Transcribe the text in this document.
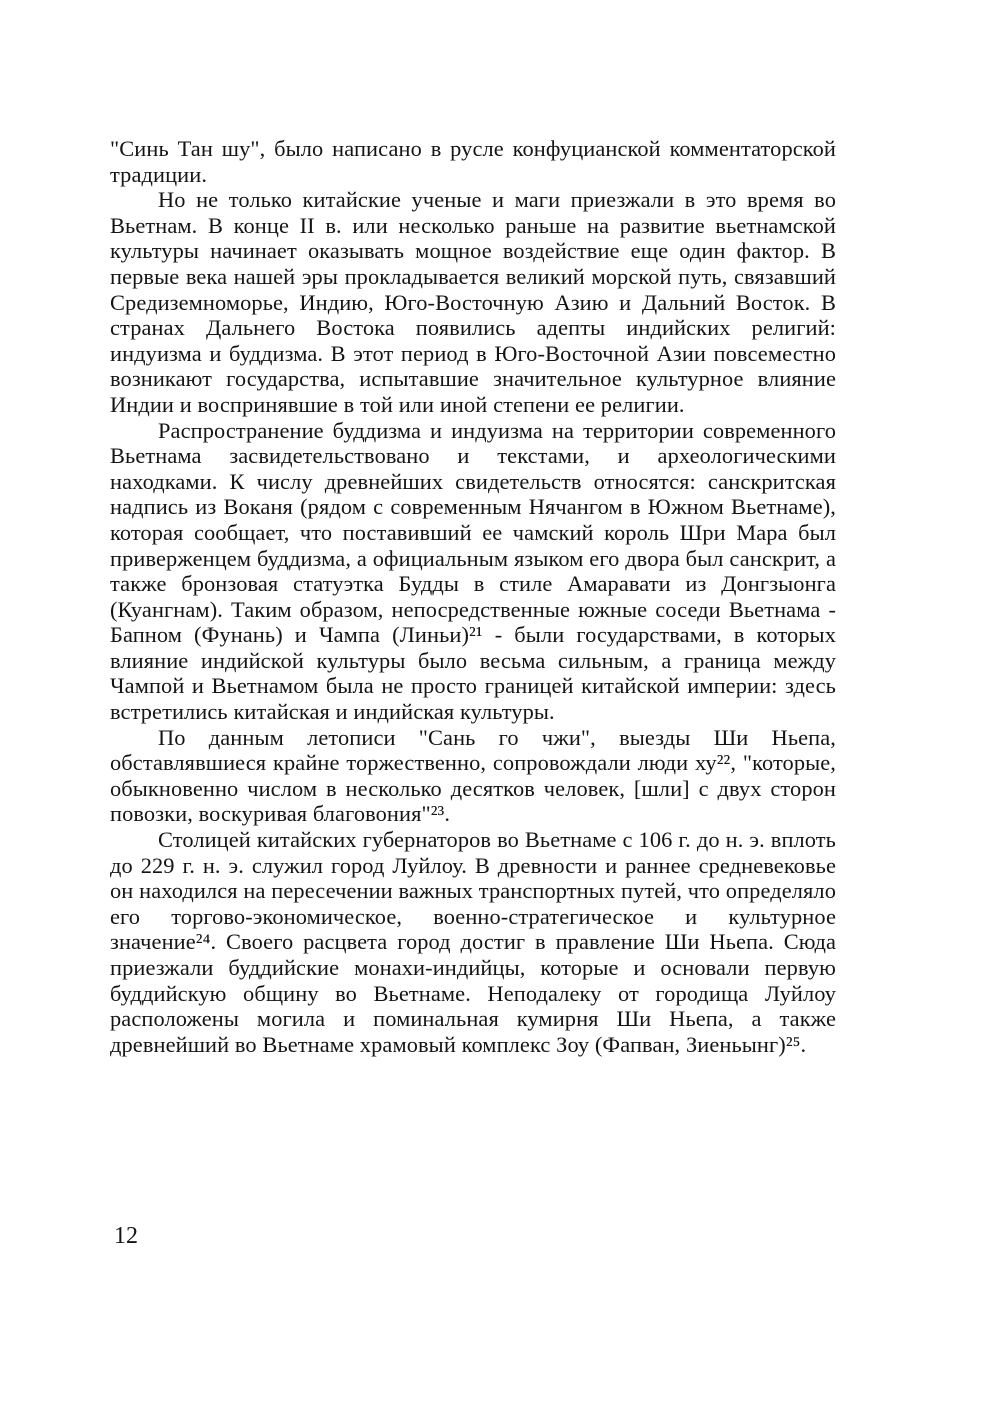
"Синь Тан шу", было написано в русле конфуцианской комментаторской традиции.

Но не только китайские ученые и маги приезжали в это время во Вьетнам. В конце II в. или несколько раньше на развитие вьетнамской культуры начинает оказывать мощное воздействие еще один фактор. В первые века нашей эры прокладывается великий морской путь, связавший Средиземноморье, Индию, Юго-Восточную Азию и Дальний Восток. В странах Дальнего Востока появились адепты индийских религий: индуизма и буддизма. В этот период в Юго-Восточной Азии повсеместно возникают государства, испытавшие значительное культурное влияние Индии и воспринявшие в той или иной степени ее религии.

Распространение буддизма и индуизма на территории современного Вьетнама засвидетельствовано и текстами, и археологическими находками. К числу древнейших свидетельств относятся: санскритская надпись из Воканя (рядом с современным Нячангом в Южном Вьетнаме), которая сообщает, что поставивший ее чамский король Шри Мара был приверженцем буддизма, а официальным языком его двора был санскрит, а также бронзовая статуэтка Будды в стиле Амаравати из Донгзыонга (Куангнам). Таким образом, непосредственные южные соседи Вьетнама - Бапном (Фунань) и Чампа (Линьи)²¹ - были государствами, в которых влияние индийской культуры было весьма сильным, а граница между Чампой и Вьетнамом была не просто границей китайской империи: здесь встретились китайская и индийская культуры.

По данным летописи "Сань го чжи", выезды Ши Ньепа, обставлявшиеся крайне торжественно, сопровождали люди ху²², "которые, обыкновенно числом в несколько десятков человек, [шли] с двух сторон повозки, воскуривая благовония"²³.

Столицей китайских губернаторов во Вьетнаме с 106 г. до н. э. вплоть до 229 г. н. э. служил город Луйлоу. В древности и раннее средневековье он находился на пересечении важных транспортных путей, что определяло его торгово-экономическое, военно-стратегическое и культурное значение²⁴. Своего расцвета город достиг в правление Ши Ньепа. Сюда приезжали буддийские монахи-индийцы, которые и основали первую буддийскую общину во Вьетнаме. Неподалеку от городища Луйлоу расположены могила и поминальная кумирня Ши Ньепа, а также древнейший во Вьетнаме храмовый комплекс Зоу (Фапван, Зиеньынг)²⁵.

12
